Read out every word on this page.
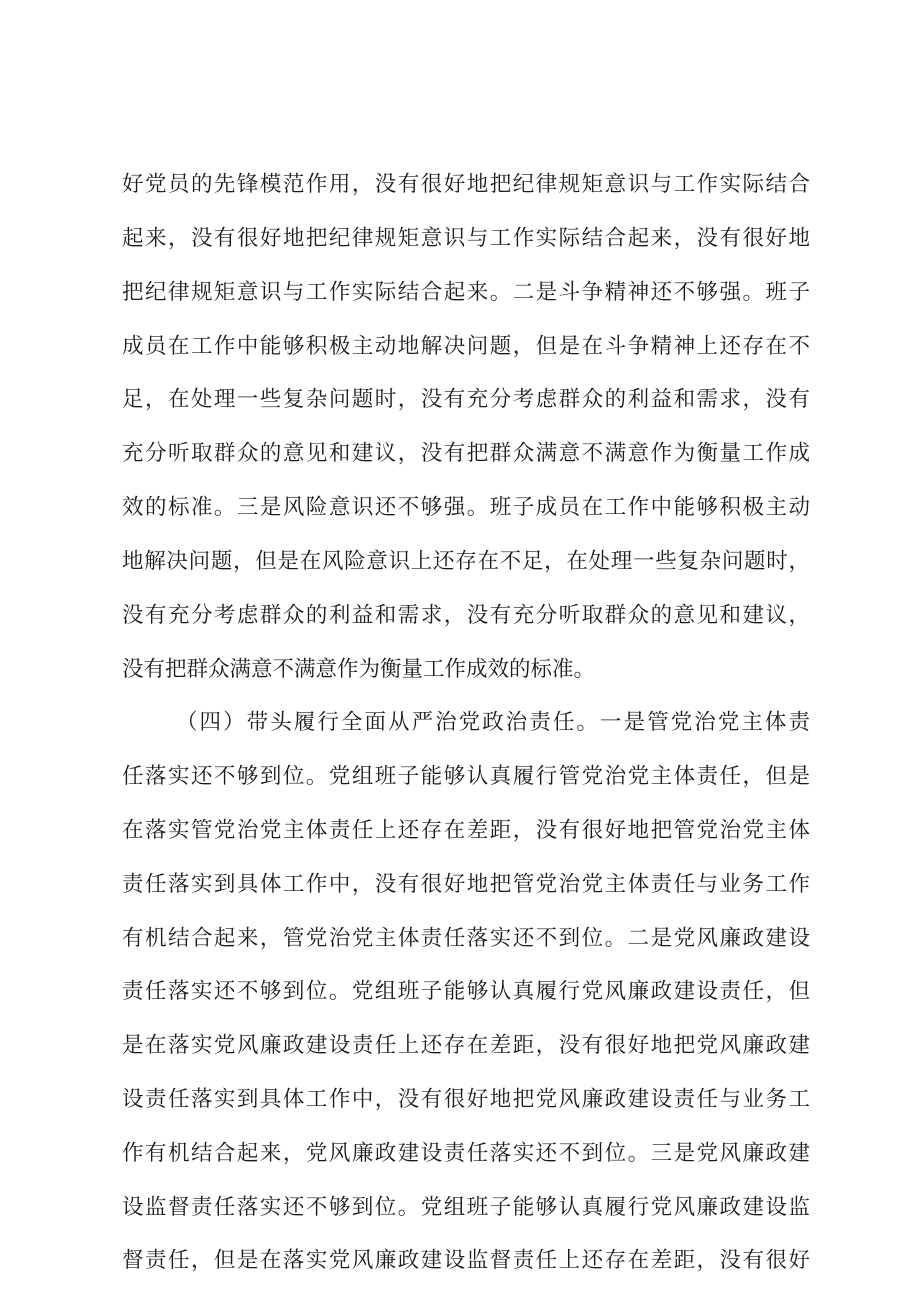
好党员的先锋模范作用，没有很好地把纪律规矩意识与工作实际结合
起来，没有很好地把纪律规矩意识与工作实际结合起来，没有很好地
把纪律规矩意识与工作实际结合起来。二是斗争精神还不够强。班子
成员在工作中能够积极主动地解决问题，但是在斗争精神上还存在不
足，在处理一些复杂问题时，没有充分考虑群众的利益和需求，没有
充分听取群众的意见和建议，没有把群众满意不满意作为衡量工作成
效的标准。三是风险意识还不够强。班子成员在工作中能够积极主动
地解决问题，但是在风险意识上还存在不足，在处理一些复杂问题时，
没有充分考虑群众的利益和需求，没有充分听取群众的意见和建议，
没有把群众满意不满意作为衡量工作成效的标准。
（四）带头履行全面从严治党政治责任。一是管党治党主体责
任落实还不够到位。党组班子能够认真履行管党治党主体责任，但是
在落实管党治党主体责任上还存在差距，没有很好地把管党治党主体
责任落实到具体工作中，没有很好地把管党治党主体责任与业务工作
有机结合起来，管党治党主体责任落实还不到位。二是党风廉政建设
责任落实还不够到位。党组班子能够认真履行党风廉政建设责任，但
是在落实党风廉政建设责任上还存在差距，没有很好地把党风廉政建
设责任落实到具体工作中，没有很好地把党风廉政建设责任与业务工
作有机结合起来，党风廉政建设责任落实还不到位。三是党风廉政建
设监督责任落实还不够到位。党组班子能够认真履行党风廉政建设监
督责任，但是在落实党风廉政建设监督责任上还存在差距，没有很好
